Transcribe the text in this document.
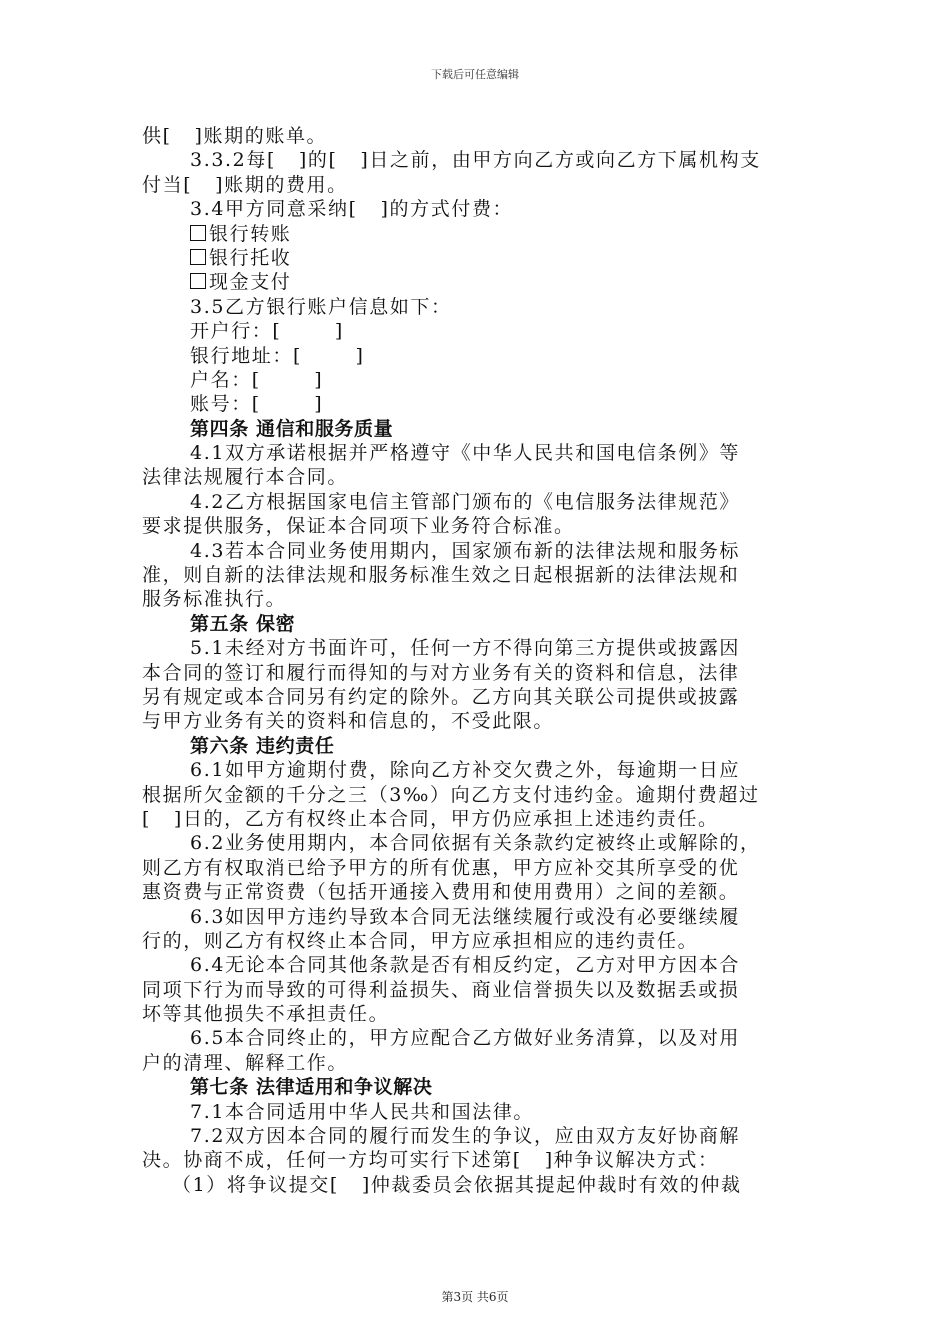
下载后可任意编辑
供[   ]账期的账单。
3.3.2每[   ]的[   ]日之前，由甲方向乙方或向乙方下属机构支
付当[   ]账期的费用。
3.4甲方同意采纳[   ]的方式付费：
银行转账
银行托收
现金支付
3.5乙方银行账户信息如下：
开户行：[       ]
银行地址：[       ]
户名：[       ]
账号：[       ]
第四条 通信和服务质量
4.1双方承诺根据并严格遵守《中华人民共和国电信条例》等
法律法规履行本合同。
4.2乙方根据国家电信主管部门颁布的《电信服务法律规范》
要求提供服务，保证本合同项下业务符合标准。
4.3若本合同业务使用期内，国家颁布新的法律法规和服务标
准，则自新的法律法规和服务标准生效之日起根据新的法律法规和
服务标准执行。
第五条 保密
5.1未经对方书面许可，任何一方不得向第三方提供或披露因
本合同的签订和履行而得知的与对方业务有关的资料和信息，法律
另有规定或本合同另有约定的除外。乙方向其关联公司提供或披露
与甲方业务有关的资料和信息的，不受此限。
第六条 违约责任
6.1如甲方逾期付费，除向乙方补交欠费之外，每逾期一日应
根据所欠金额的千分之三（3‰）向乙方支付违约金。逾期付费超过
[   ]日的，乙方有权终止本合同，甲方仍应承担上述违约责任。
6.2业务使用期内，本合同依据有关条款约定被终止或解除的，
则乙方有权取消已给予甲方的所有优惠，甲方应补交其所享受的优
惠资费与正常资费（包括开通接入费用和使用费用）之间的差额。
6.3如因甲方违约导致本合同无法继续履行或没有必要继续履
行的，则乙方有权终止本合同，甲方应承担相应的违约责任。
6.4无论本合同其他条款是否有相反约定，乙方对甲方因本合
同项下行为而导致的可得利益损失、商业信誉损失以及数据丢或损
坏等其他损失不承担责任。
6.5本合同终止的，甲方应配合乙方做好业务清算，以及对用
户的清理、解释工作。
第七条 法律适用和争议解决
7.1本合同适用中华人民共和国法律。
7.2双方因本合同的履行而发生的争议，应由双方友好协商解
决。协商不成，任何一方均可实行下述第[   ]种争议解决方式：
（1）将争议提交[   ]仲裁委员会依据其提起仲裁时有效的仲裁
第3页 共6页
